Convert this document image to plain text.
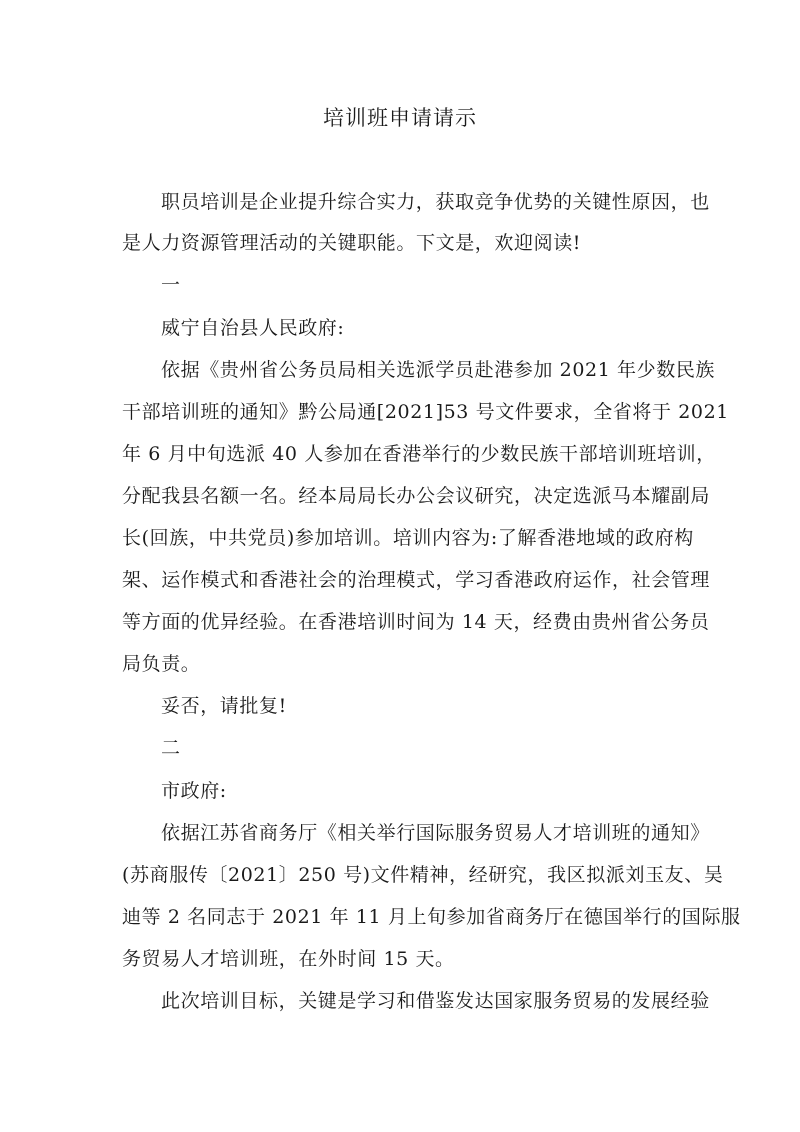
培训班申请请示
职员培训是企业提升综合实力，获取竞争优势的关键性原因，也
是人力资源管理活动的关键职能。下文是，欢迎阅读!
一
威宁自治县人民政府:
依据《贵州省公务员局相关选派学员赴港参加 2021 年少数民族
干部培训班的通知》黔公局通[2021]53 号文件要求，全省将于 2021
年 6 月中旬选派 40 人参加在香港举行的少数民族干部培训班培训，
分配我县名额一名。经本局局长办公会议研究，决定选派马本耀副局
长(回族，中共党员)参加培训。培训内容为:了解香港地域的政府构
架、运作模式和香港社会的治理模式，学习香港政府运作，社会管理
等方面的优异经验。在香港培训时间为 14 天，经费由贵州省公务员
局负责。
妥否，请批复!
二
市政府:
依据江苏省商务厅《相关举行国际服务贸易人才培训班的通知》
(苏商服传〔2021〕250 号)文件精神，经研究，我区拟派刘玉友、吴
迪等 2 名同志于 2021 年 11 月上旬参加省商务厅在德国举行的国际服
务贸易人才培训班，在外时间 15 天。
此次培训目标，关键是学习和借鉴发达国家服务贸易的发展经验
